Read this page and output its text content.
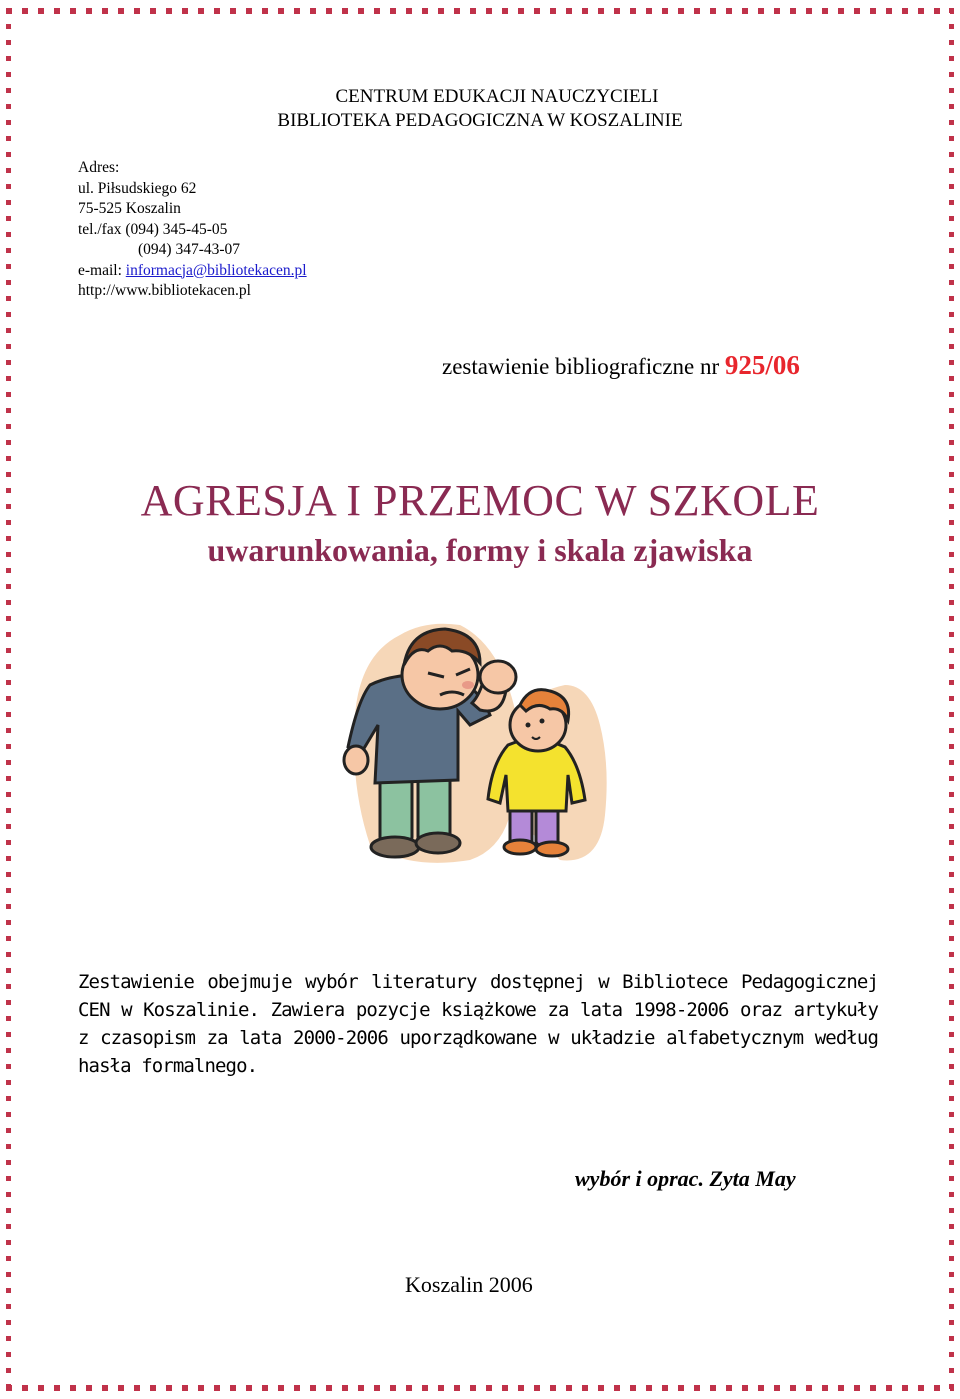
CENTRUM EDUKACJI NAUCZYCIELI
BIBLIOTEKA PEDAGOGICZNA W KOSZALINIE
Adres:
ul. Piłsudskiego 62
75-525 Koszalin
tel./fax (094) 345-45-05
(094) 347-43-07
e-mail: informacja@bibliotekacen.pl
http://www.bibliotekacen.pl
zestawienie bibliograficzne nr 925/06
AGRESJA I PRZEMOC W SZKOLE
uwarunkowania, formy i skala zjawiska
Zestawienie obejmuje wybór literatury dostępnej w Bibliotece Pedagogicznej CEN w Koszalinie. Zawiera pozycje książkowe za lata 1998-2006 oraz artykuły z czasopism za lata 2000-2006 uporządkowane w układzie alfabetycznym według hasła formalnego.
wybór i oprac. Zyta May
Koszalin 2006
